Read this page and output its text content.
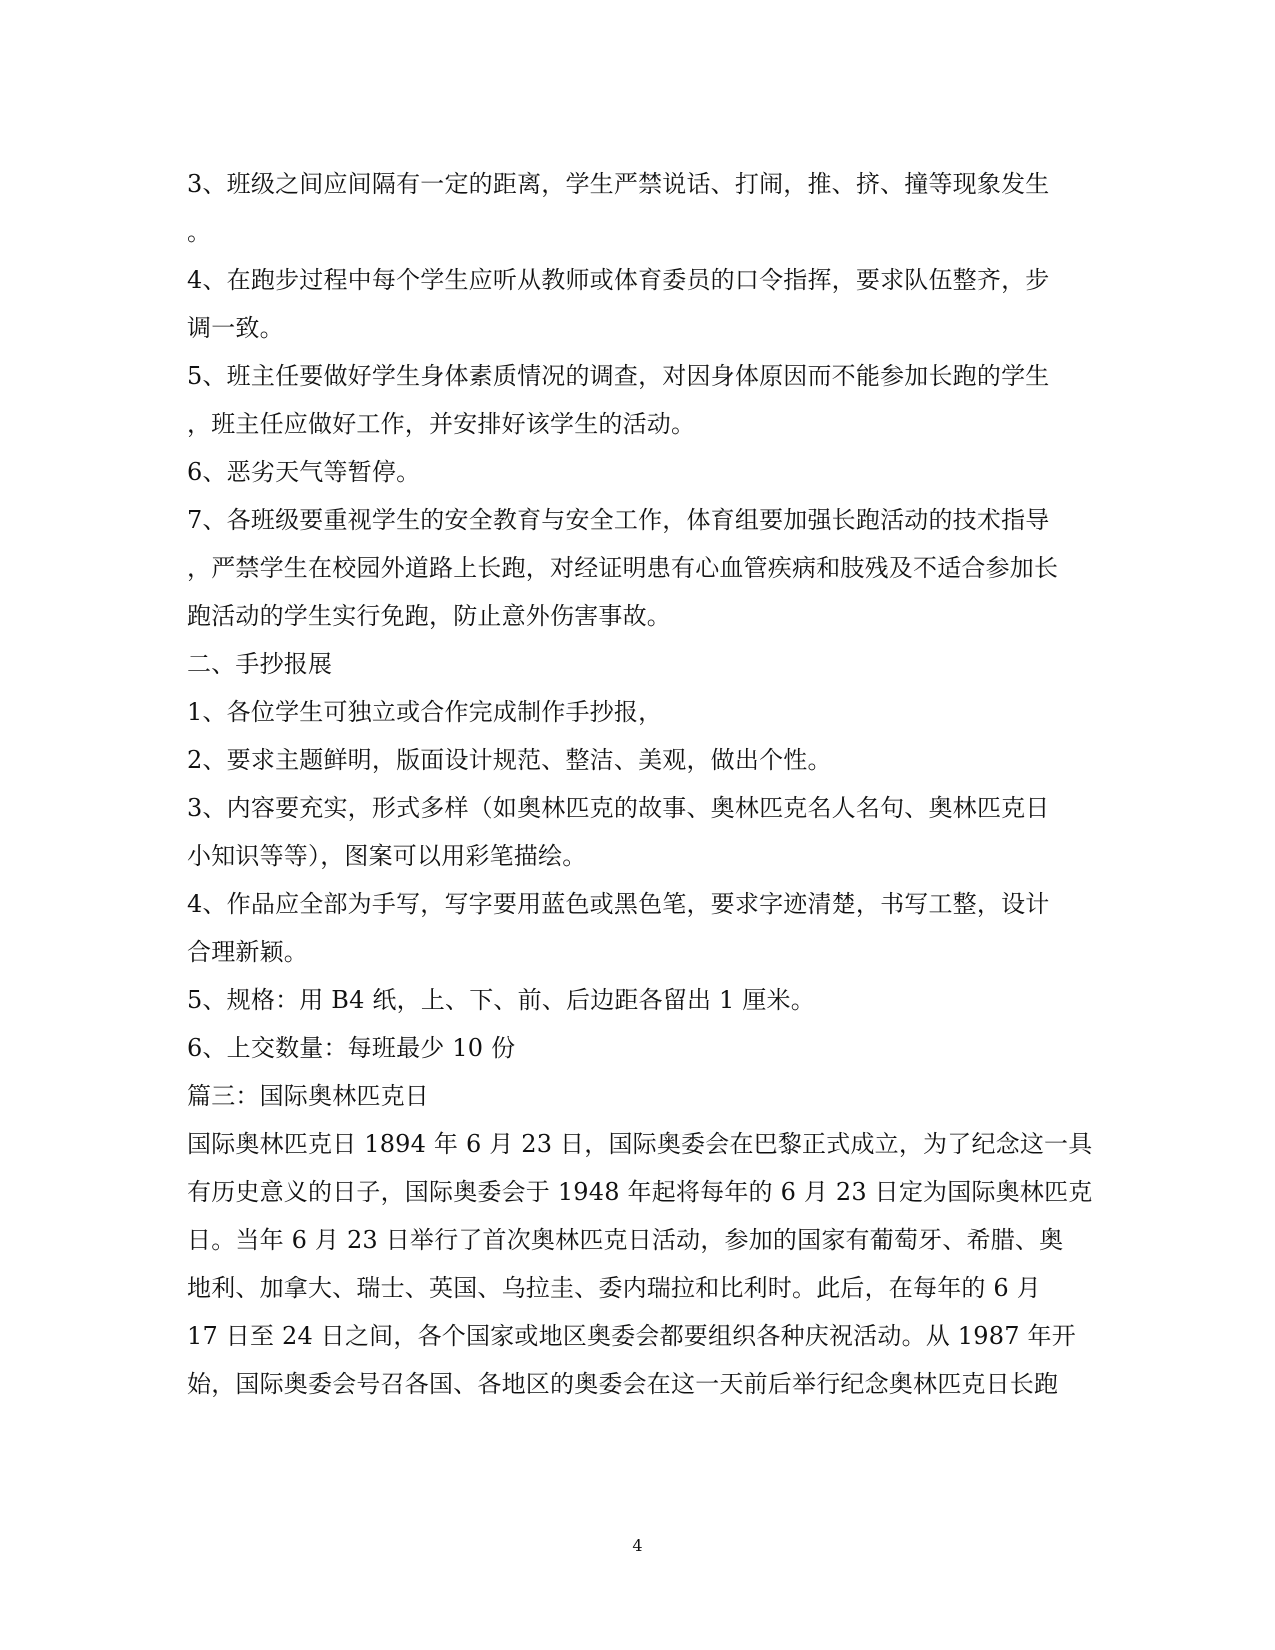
3、班级之间应间隔有一定的距离，学生严禁说话、打闹，推、挤、撞等现象发生
。
4、在跑步过程中每个学生应听从教师或体育委员的口令指挥，要求队伍整齐，步
调一致。
5、班主任要做好学生身体素质情况的调查，对因身体原因而不能参加长跑的学生
，班主任应做好工作，并安排好该学生的活动。
6、恶劣天气等暂停。
7、各班级要重视学生的安全教育与安全工作，体育组要加强长跑活动的技术指导
，严禁学生在校园外道路上长跑，对经证明患有心血管疾病和肢残及不适合参加长
跑活动的学生实行免跑，防止意外伤害事故。
二、手抄报展
1、各位学生可独立或合作完成制作手抄报，
2、要求主题鲜明，版面设计规范、整洁、美观，做出个性。
3、内容要充实，形式多样（如奥林匹克的故事、奥林匹克名人名句、奥林匹克日
小知识等等），图案可以用彩笔描绘。
4、作品应全部为手写，写字要用蓝色或黑色笔，要求字迹清楚，书写工整，设计
合理新颖。
5、规格：用 B4 纸，上、下、前、后边距各留出 1 厘米。
6、上交数量：每班最少 10 份
篇三：国际奥林匹克日
国际奥林匹克日 1894 年 6 月 23 日，国际奥委会在巴黎正式成立，为了纪念这一具
有历史意义的日子，国际奥委会于 1948 年起将每年的 6 月 23 日定为国际奥林匹克
日。当年 6 月 23 日举行了首次奥林匹克日活动，参加的国家有葡萄牙、希腊、奥
地利、加拿大、瑞士、英国、乌拉圭、委内瑞拉和比利时。此后，在每年的 6 月
17 日至 24 日之间，各个国家或地区奥委会都要组织各种庆祝活动。从 1987 年开
始，国际奥委会号召各国、各地区的奥委会在这一天前后举行纪念奥林匹克日长跑
4
